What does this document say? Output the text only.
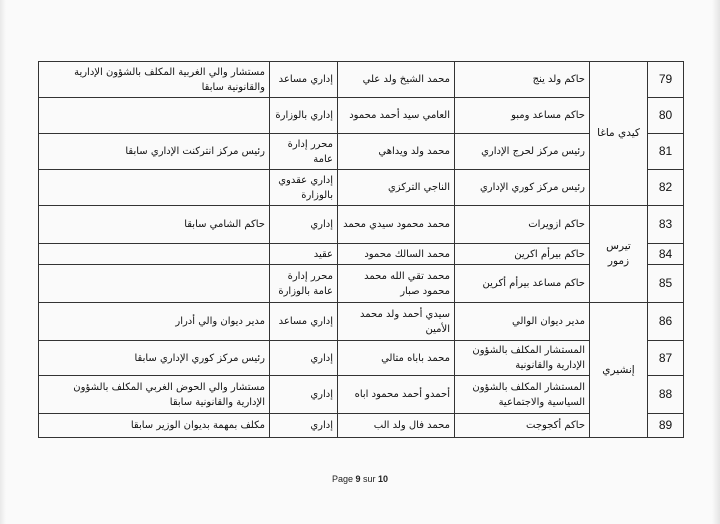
79	كيدي ماغا	حاكم ولد ينج	محمد الشيخ ولد علي	إداري مساعد	مستشار والي الغربية المكلف بالشؤون الإدارية والقانونية سابقا
80		حاكم مساعد ومبو	العامي سيد أحمد محمود	إداري بالوزارة	
81		رئيس مركز لحرج الإداري	محمد ولد ويداهي	محرر إدارة عامة	رئيس مركز انتركنت الإداري سابقا
82		رئيس مركز كوري الإداري	الناجي التركزي	إداري عقدوي بالوزارة	
83	تيرس زمور	حاكم ازويرات	محمد محمود سيدي محمد	إداري	حاكم الشامي سابقا
84		حاكم بيرأم اكرين	محمد السالك محمود	عقيد	
85		حاكم مساعد بيرأم أكرين	محمد تقي الله محمد محمود صبار	محرر إدارة عامة بالوزارة	
86	إنشيري	مدير ديوان الوالي	سيدي أحمد ولد محمد الأمين	إداري مساعد	مدير ديوان والي أدرار
87		المستشار المكلف بالشؤون الإدارية والقانونية	محمد باباه متالي	إداري	رئيس مركز كوري الإداري سابقا
88		المستشار المكلف بالشؤون السياسية والاجتماعية	أحمدو أحمد محمود اباه	إداري	مستشار والي الحوض الغربي المكلف بالشؤون الإدارية والقانونية سابقا
89		حاكم أكجوجت	محمد فال ولد الب	إداري	مكلف بمهمة بديوان الوزير سابقا
Page 9 sur 10
